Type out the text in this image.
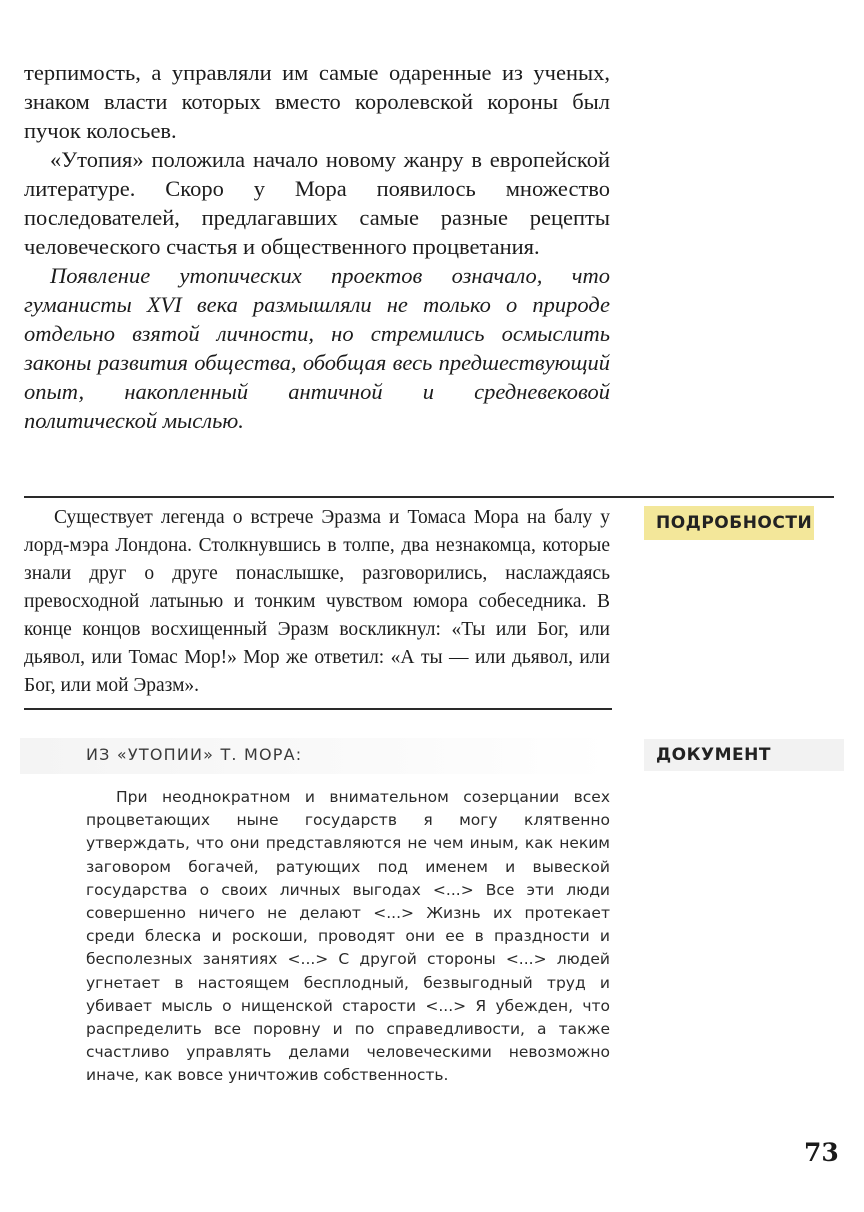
терпимость, а управляли им самые одаренные из ученых, знаком власти которых вместо королевской короны был пучок колосьев.

«Утопия» положила начало новому жанру в европейской литературе. Скоро у Мора появилось множество последователей, предлагавших самые разные рецепты человеческого счастья и общественного процветания.

Появление утопических проектов означало, что гуманисты XVI века размышляли не только о природе отдельно взятой личности, но стремились осмыслить законы развития общества, обобщая весь предшествующий опыт, накопленный античной и средневековой политической мыслью.

Существует легенда о встрече Эразма и Томаса Мора на балу у лорд-мэра Лондона. Столкнувшись в толпе, два незнакомца, которые знали друг о друге понаслышке, разговорились, наслаждаясь превосходной латынью и тонким чувством юмора собеседника. В конце концов восхищенный Эразм воскликнул: «Ты или Бог, или дьявол, или Томас Мор!» Мор же ответил: «А ты — или дьявол, или Бог, или мой Эразм».

ПОДРОБНОСТИ
ИЗ «УТОПИИ» Т. МОРА:	ДОКУМЕНТ

При неоднократном и внимательном созерцании всех процветающих ныне государств я могу клятвенно утверждать, что они представляются не чем иным, как неким заговором богачей, ратующих под именем и вывеской государства о своих личных выгодах <...> Все эти люди совершенно ничего не делают <...> Жизнь их протекает среди блеска и роскоши, проводят они ее в праздности и бесполезных занятиях <...> С другой стороны <...> людей угнетает в настоящем бесплодный, безвыгодный труд и убивает мысль о нищенской старости <...> Я убежден, что распределить все поровну и по справедливости, а также счастливо управлять делами человеческими невозможно иначе, как вовсе уничтожив собственность.

73
